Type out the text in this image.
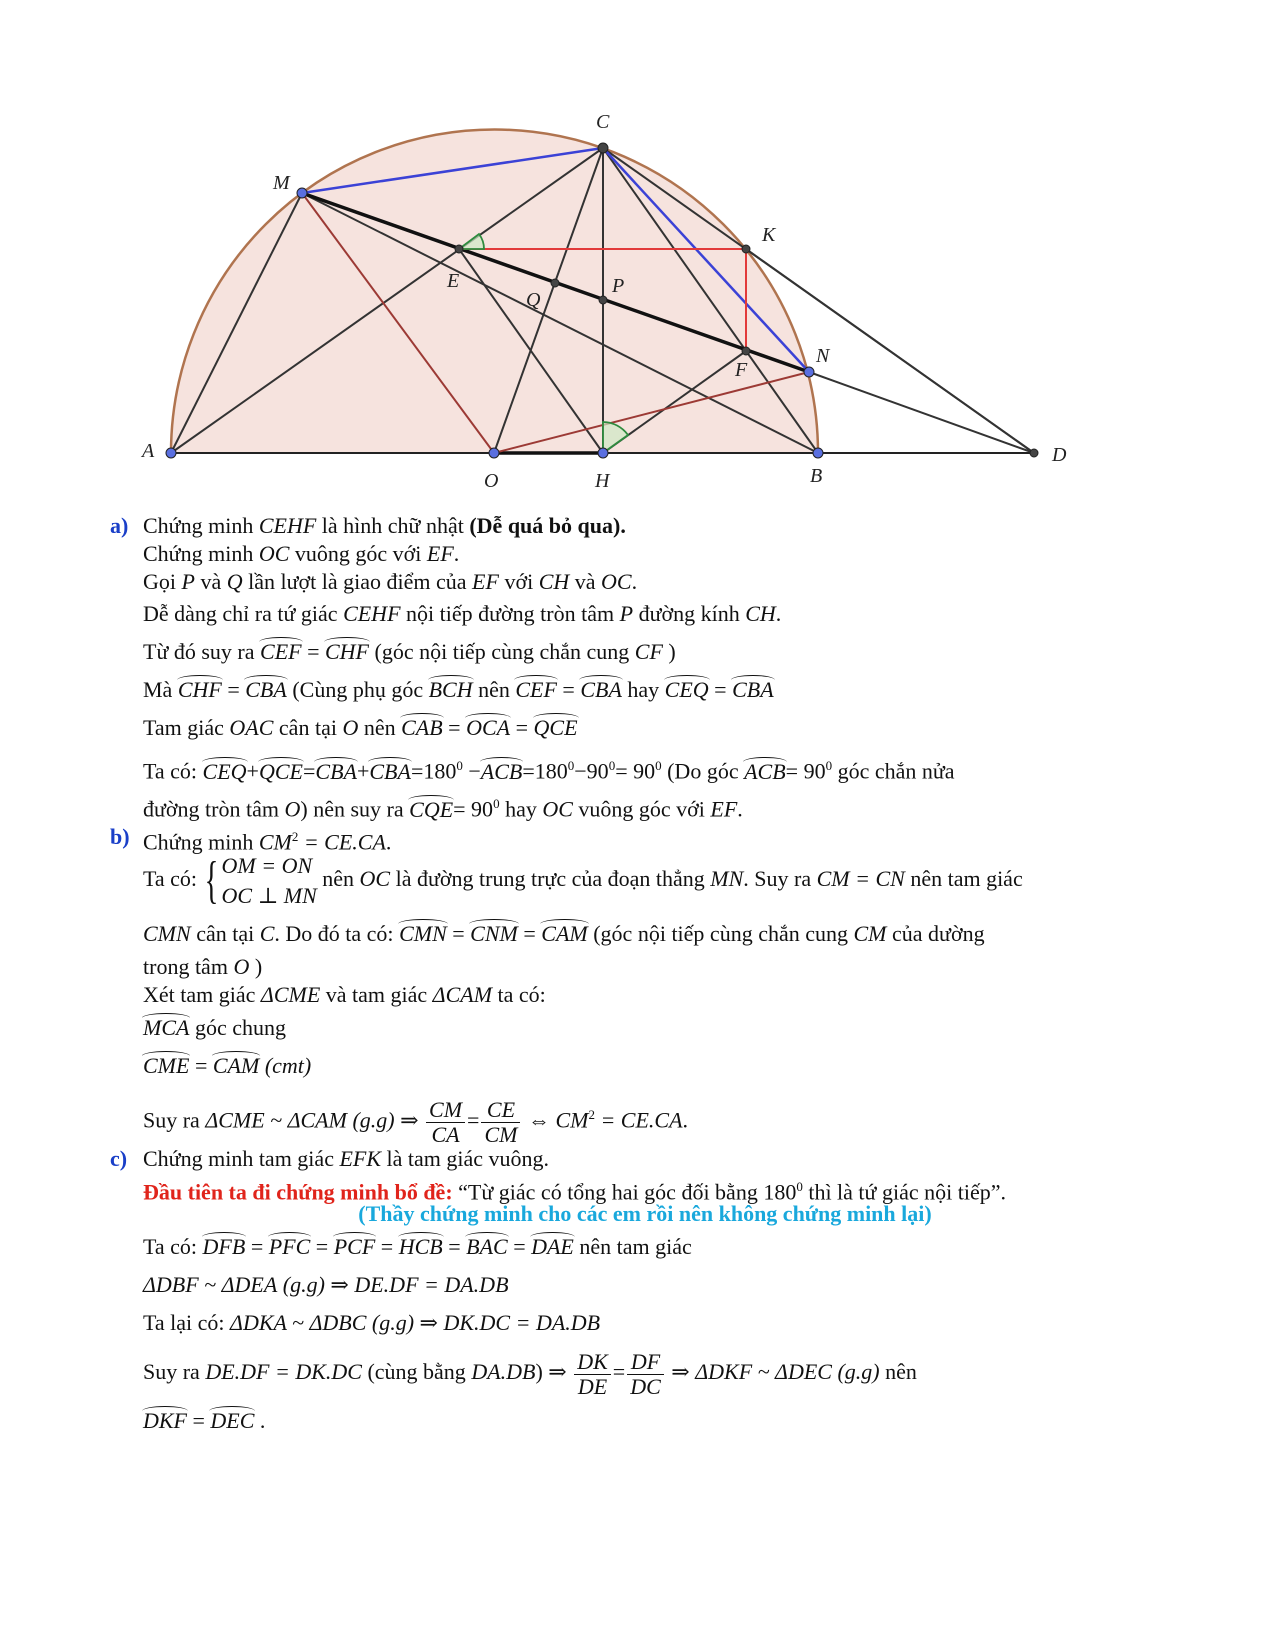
A
O	H	B
D
C
M
K
N
E
Q
P
F
a) Chứng minh CEHF là hình chữ nhật (Dễ quá bỏ qua).
Chứng minh OC vuông góc với EF.
Gọi P và Q lần lượt là giao điểm của EF với CH và OC.
Dễ dàng chỉ ra tứ giác CEHF nội tiếp đường tròn tâm P đường kính CH.
Từ đó suy ra CEF = CHF (góc nội tiếp cùng chắn cung CF )
Mà CHF = CBA (Cùng phụ góc BCH nên CEF = CBA hay CEQ = CBA
Tam giác OAC cân tại O nên CAB = OCA = QCE
Ta có: $CEQ+QCE=CBA+CBA=180^0 -ACB=180^0-90^0= 90^0$ (Do góc $ACB= 90^0$ góc chắn nửa
đường tròn tâm O) nên suy ra $CQE= 90^0$ hay OC vuông góc với EF.
b) Chứng minh $CM^2 = CE.CA$.
Ta có: { OM = ON
OC ⊥ MN
nên OC là đường trung trực của đoạn thẳng MN. Suy ra CM = CN nên tam giác
CMN cân tại C. Do đó ta có: CMN = CNM = CAM (góc nội tiếp cùng chắn cung CM của dường
trong tâm O )
Xét tam giác ΔCME và tam giác ΔCAM ta có:
MCA góc chung
CME = CAM (cmt)
Suy ra ΔCME ~ ΔCAM (g.g) ⇒ $\frac{CM}{CA} = \frac{CE}{CM}$ ⇔ $CM^2 = CE.CA$.
c) Chứng minh tam giác EFK là tam giác vuông.
Đầu tiên ta đi chứng minh bổ đề: “Từ giác có tổng hai góc đối bằng $180^0$ thì là tứ giác nội tiếp”.
(Thầy chứng minh cho các em rồi nên không chứng minh lại)
Ta có: DFB = PFC = PCF = HCB = BAC = DAE nên tam giác
ΔDBF ~ ΔDEA (g.g) ⇒ DE.DF = DA.DB
Ta lại có: ΔDKA ~ ΔDBC (g.g) ⇒ DK.DC = DA.DB
Suy ra DE.DF = DK.DC (cùng bằng DA.DB) ⇒ $\frac{DK}{DE} = \frac{DF}{DC}$ ⇒ ΔDKF ~ ΔDEC (g.g) nên
DKF = DEC .
